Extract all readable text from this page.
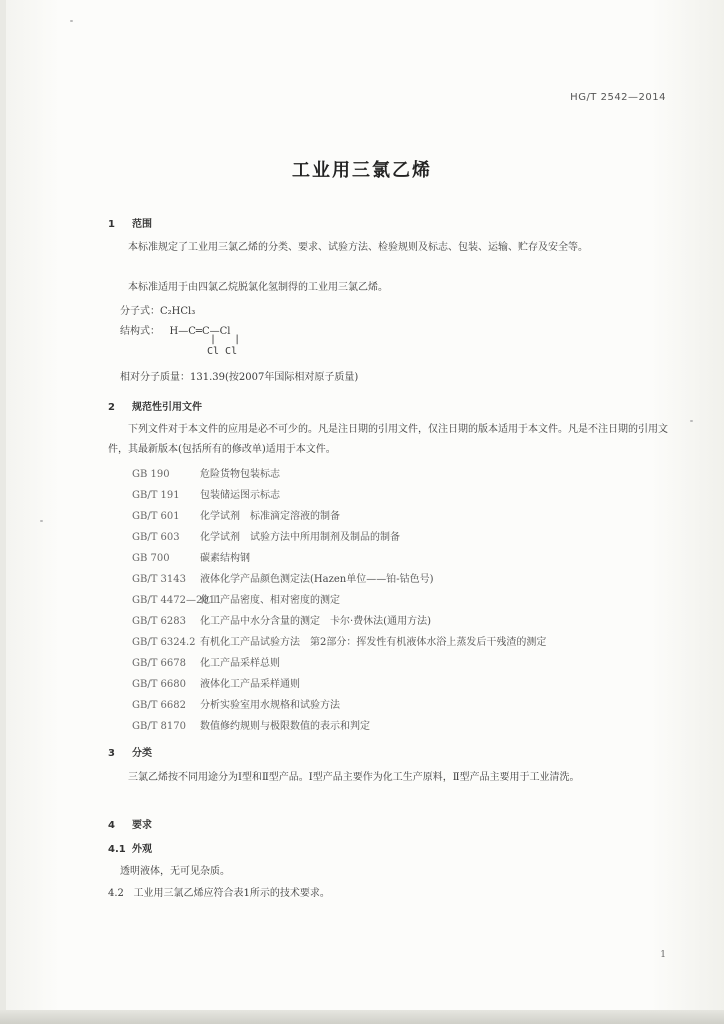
HG/T 2542—2014
工业用三氯乙烯
1 范围
本标准规定了工业用三氯乙烯的分类、要求、试验方法、检验规则及标志、包装、运输、贮存及安全等。
本标准适用于由四氯乙烷脱氯化氢制得的工业用三氯乙烯。
分子式：C₂HCl₃
结构式： H—C═C—Cl
|   |
Cl Cl
相对分子质量：131.39(按2007年国际相对原子质量)
2 规范性引用文件
下列文件对于本文件的应用是必不可少的。凡是注日期的引用文件，仅注日期的版本适用于本文件。凡是不注日期的引用文件，其最新版本(包括所有的修改单)适用于本文件。
GB 190	危险货物包装标志
GB/T 191 包装储运图示标志
GB/T 601 化学试剂　标准滴定溶液的制备
GB/T 603 化学试剂　试验方法中所用制剂及制品的制备
GB 700	碳素结构钢
GB/T 3143 液体化学产品颜色测定法(Hazen单位——铂-钴色号)
GB/T 4472—2011化工产品密度、相对密度的测定
GB/T 6283 化工产品中水分含量的测定　卡尔·费休法(通用方法)
GB/T 6324.2 有机化工产品试验方法　第2部分：挥发性有机液体水浴上蒸发后干残渣的测定
GB/T 6678 化工产品采样总则
GB/T 6680 液体化工产品采样通则
GB/T 6682 分析实验室用水规格和试验方法
GB/T 8170 数值修约规则与极限数值的表示和判定
3 分类
三氯乙烯按不同用途分为Ⅰ型和Ⅱ型产品。Ⅰ型产品主要作为化工生产原料，Ⅱ型产品主要用于工业清洗。
4 要求
4.1 外观
透明液体，无可见杂质。
4.2 工业用三氯乙烯应符合表1所示的技术要求。
1
